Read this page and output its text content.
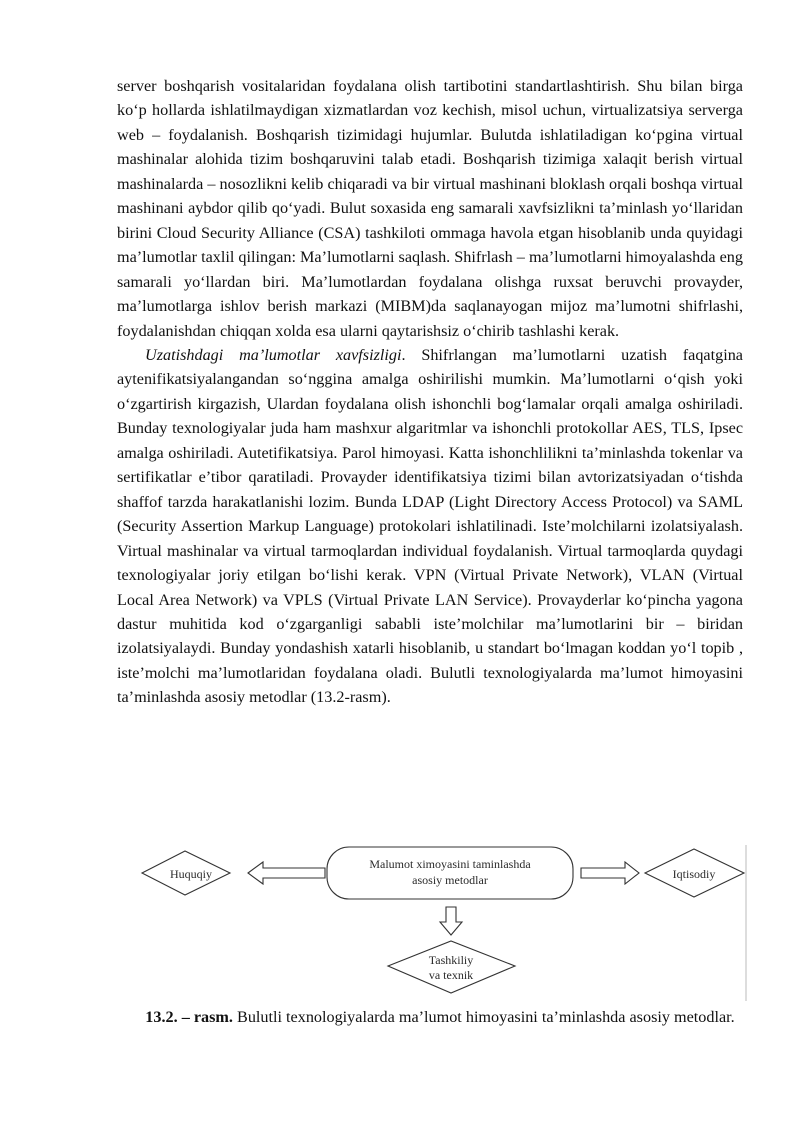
server boshqarish vositalaridan foydalana olish tartibotini standartlashtirish. Shu bilan birga ko‘p hollarda ishlatilmaydigan xizmatlardan voz kechish, misol uchun, virtualizatsiya serverga web – foydalanish. Boshqarish tizimidagi hujumlar. Bulutda ishlatiladigan ko‘pgina virtual mashinalar alohida tizim boshqaruvini talab etadi. Boshqarish tizimiga xalaqit berish virtual mashinalarda – nosozlikni kelib chiqaradi va bir virtual mashinani bloklash orqali boshqa virtual mashinani aybdor qilib qo‘yadi. Bulut soxasida eng samarali xavfsizlikni ta’minlash yo‘llaridan birini Cloud Security Alliance (CSA) tashkiloti ommaga havola etgan hisoblanib unda quyidagi ma’lumotlar taxlil qilingan: Ma’lumotlarni saqlash. Shifrlash – ma’lumotlarni himoyalashda eng samarali yo‘llardan biri. Ma’lumotlardan foydalana olishga ruxsat beruvchi provayder, ma’lumotlarga ishlov berish markazi (MIBM)da saqlanayogan mijoz ma’lumotni shifrlashi, foydalanishdan chiqqan xolda esa ularni qaytarishsiz o‘chirib tashlashi kerak.

Uzatishdagi ma’lumotlar xavfsizligi. Shifrlangan ma’lumotlarni uzatish faqatgina aytenifikatsiyalangandan so‘nggina amalga oshirilishi mumkin. Ma’lumotlarni o‘qish yoki o‘zgartirish kirgazish, Ulardan foydalana olish ishonchli bog‘lamalar orqali amalga oshiriladi. Bunday texnologiyalar juda ham mashxur algaritmlar va ishonchli protokollar AES, TLS, Ipsec amalga oshiriladi. Autetifikatsiya. Parol himoyasi. Katta ishonchlilikni ta’minlashda tokenlar va sertifikatlar e’tibor qaratiladi. Provayder identifikatsiya tizimi bilan avtorizatsiyadan o‘tishda shaffof tarzda harakatlanishi lozim. Bunda LDAP (Light Directory Access Protocol) va SAML (Security Assertion Markup Language) protokolari ishlatilinadi. Iste’molchilarni izolatsiyalash. Virtual mashinalar va virtual tarmoqlardan individual foydalanish. Virtual tarmoqlarda quydagi texnologiyalar joriy etilgan bo‘lishi kerak. VPN (Virtual Private Network), VLAN (Virtual Local Area Network) va VPLS (Virtual Private LAN Service). Provayderlar ko‘pincha yagona dastur muhitida kod o‘zgarganligi sababli iste’molchilar ma’lumotlarini bir – biridan izolatsiyalaydi. Bunday yondashish xatarli hisoblanib, u standart bo‘lmagan koddan yo‘l topib , iste’molchi ma’lumotlaridan foydalana oladi. Bulutli texnologiyalarda ma’lumot himoyasini ta’minlashda asosiy metodlar (13.2-rasm).

Huquqiy
Malumot ximoyasini taminlashda
asosiy metodlar	Iqtisodiy
Tashkiliy
va texnik
13.2. – rasm. Bulutli texnologiyalarda ma’lumot himoyasini ta’minlashda asosiy metodlar.
